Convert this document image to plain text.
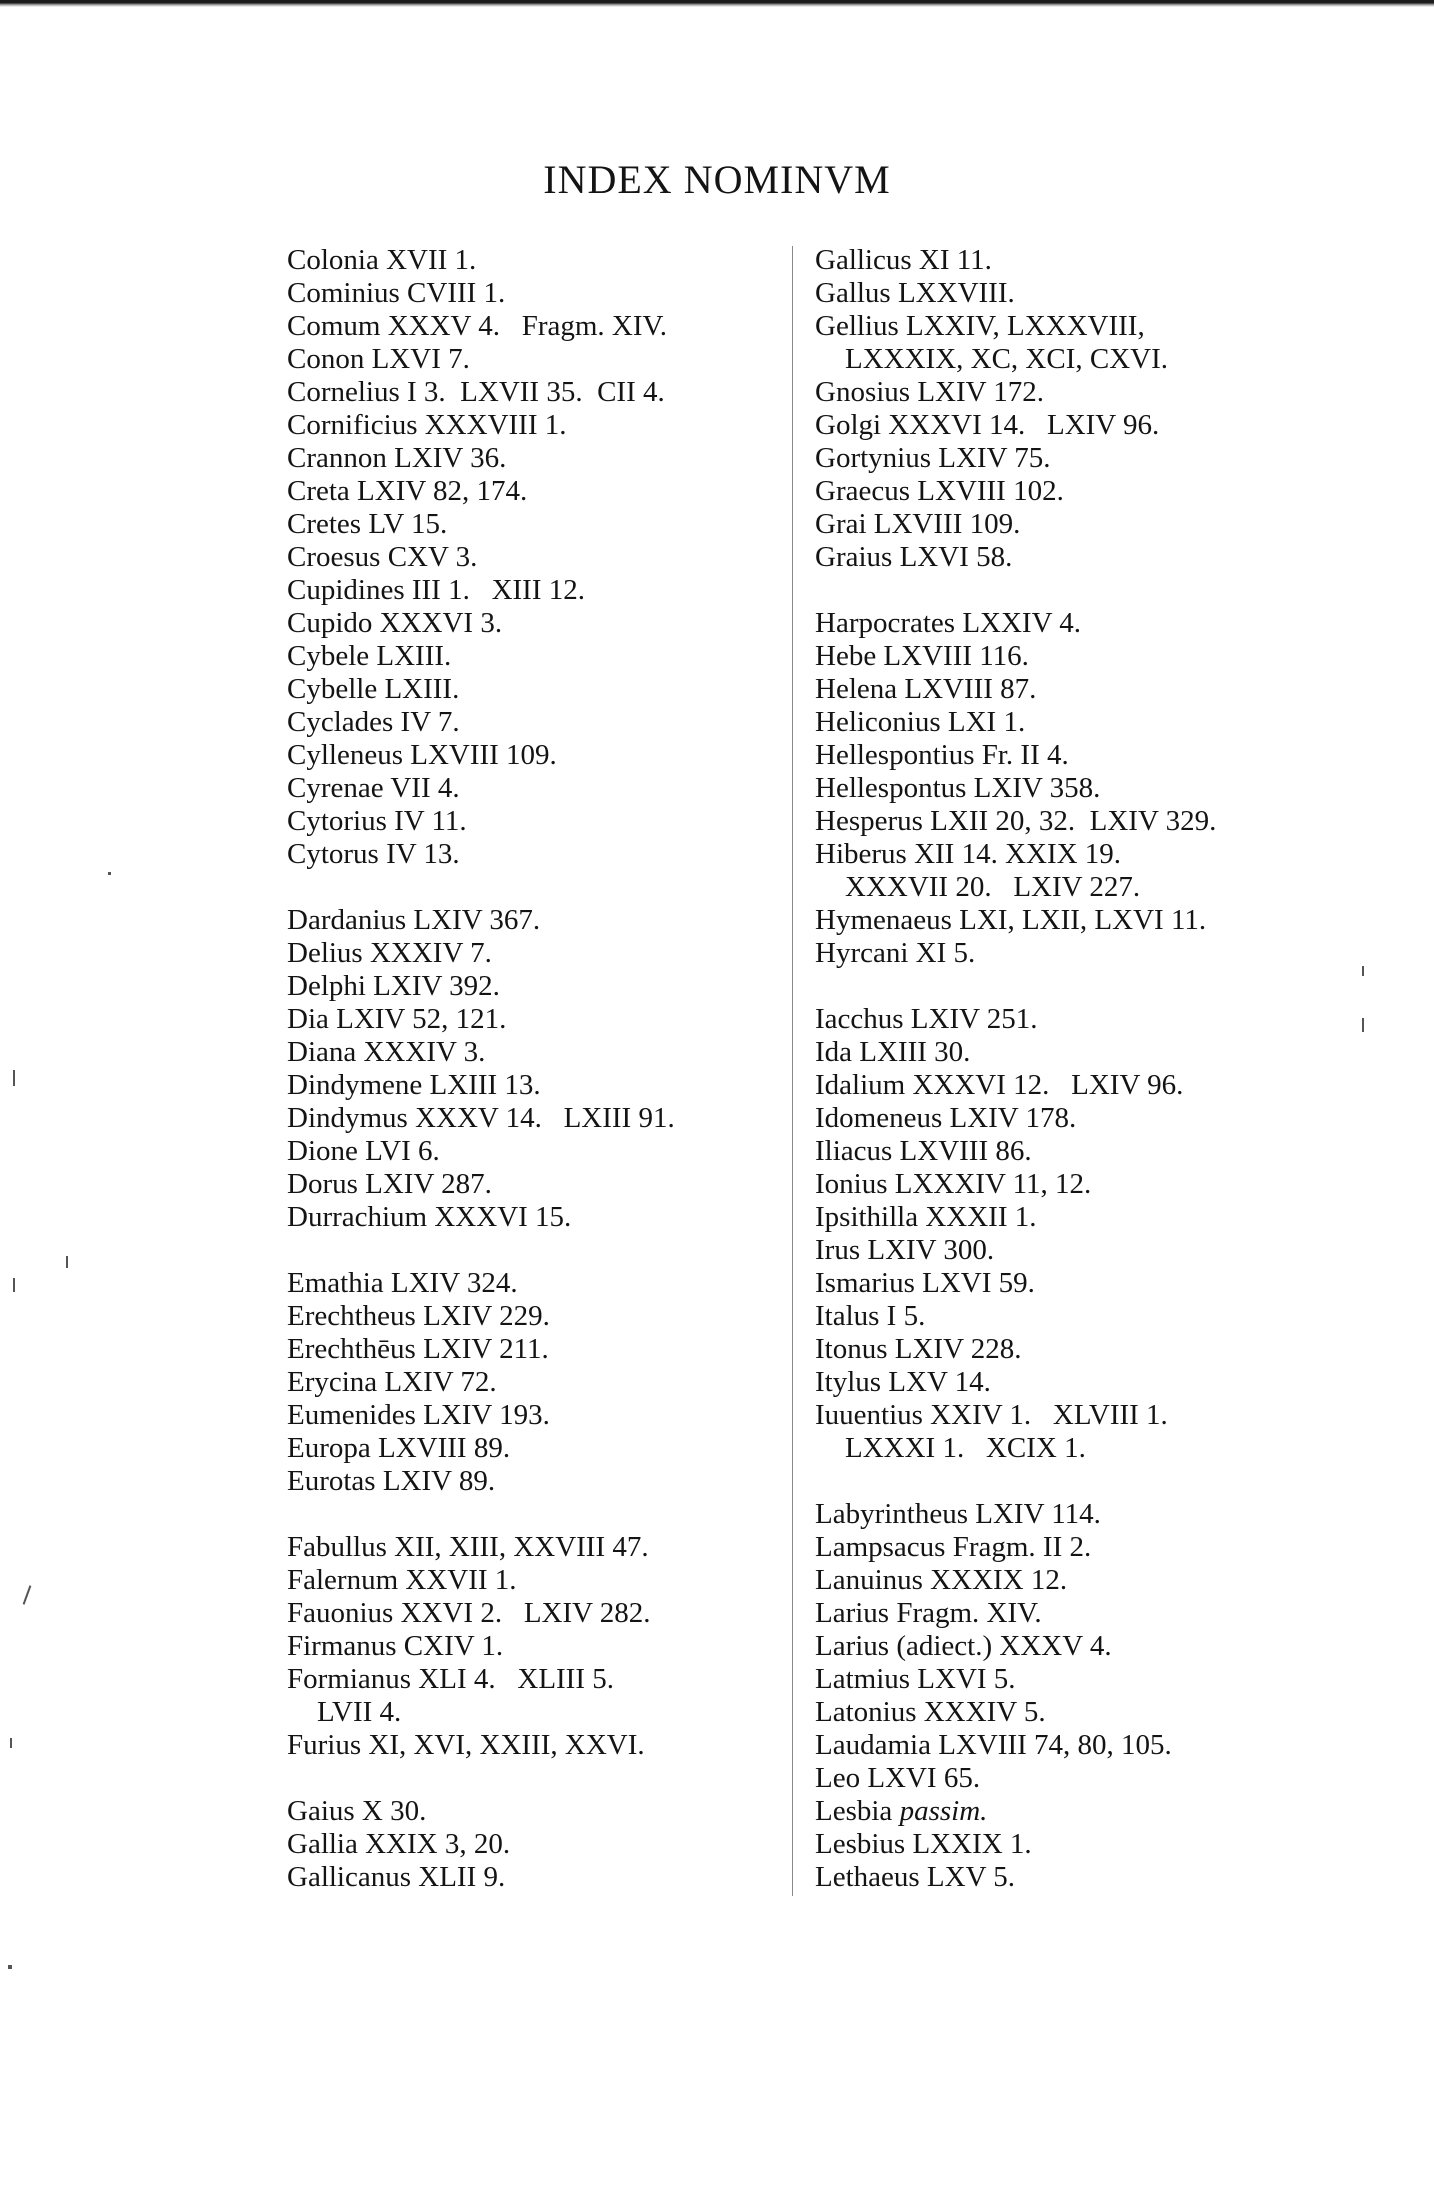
INDEX NOMINVM
Colonia XVII 1.
Cominius CVIII 1.
Comum XXXV 4.   Fragm. XIV.
Conon LXVI 7.
Cornelius I 3.  LXVII 35.  CII 4.
Cornificius XXXVIII 1.
Crannon LXIV 36.
Creta LXIV 82, 174.
Cretes LV 15.
Croesus CXV 3.
Cupidines III 1.   XIII 12.
Cupido XXXVI 3.
Cybele LXIII.
Cybelle LXIII.
Cyclades IV 7.
Cylleneus LXVIII 109.
Cyrenae VII 4.
Cytorius IV 11.
Cytorus IV 13.
Dardanius LXIV 367.
Delius XXXIV 7.
Delphi LXIV 392.
Dia LXIV 52, 121.
Diana XXXIV 3.
Dindymene LXIII 13.
Dindymus XXXV 14.   LXIII 91.
Dione LVI 6.
Dorus LXIV 287.
Durrachium XXXVI 15.
Emathia LXIV 324.
Erechtheus LXIV 229.
Erechthēus LXIV 211.
Erycina LXIV 72.
Eumenides LXIV 193.
Europa LXVIII 89.
Eurotas LXIV 89.
Fabullus XII, XIII, XXVIII 47.
Falernum XXVII 1.
Fauonius XXVI 2.   LXIV 282.
Firmanus CXIV 1.
Formianus XLI 4.   XLIII 5.
LVII 4.
Furius XI, XVI, XXIII, XXVI.
Gaius X 30.
Gallia XXIX 3, 20.
Gallicanus XLII 9.
Gallicus XI 11.
Gallus LXXVIII.
Gellius LXXIV, LXXXVIII,
LXXXIX, XC, XCI, CXVI.
Gnosius LXIV 172.
Golgi XXXVI 14.   LXIV 96.
Gortynius LXIV 75.
Graecus LXVIII 102.
Grai LXVIII 109.
Graius LXVI 58.
Harpocrates LXXIV 4.
Hebe LXVIII 116.
Helena LXVIII 87.
Heliconius LXI 1.
Hellespontius Fr. II 4.
Hellespontus LXIV 358.
Hesperus LXII 20, 32.  LXIV 329.
Hiberus XII 14. XXIX 19.
XXXVII 20.   LXIV 227.
Hymenaeus LXI, LXII, LXVI 11.
Hyrcani XI 5.
Iacchus LXIV 251.
Ida LXIII 30.
Idalium XXXVI 12.   LXIV 96.
Idomeneus LXIV 178.
Iliacus LXVIII 86.
Ionius LXXXIV 11, 12.
Ipsithilla XXXII 1.
Irus LXIV 300.
Ismarius LXVI 59.
Italus I 5.
Itonus LXIV 228.
Itylus LXV 14.
Iuuentius XXIV 1.   XLVIII 1.
LXXXI 1.   XCIX 1.
Labyrintheus LXIV 114.
Lampsacus Fragm. II 2.
Lanuinus XXXIX 12.
Larius Fragm. XIV.
Larius (adiect.) XXXV 4.
Latmius LXVI 5.
Latonius XXXIV 5.
Laudamia LXVIII 74, 80, 105.
Leo LXVI 65.
Lesbia passim.
Lesbius LXXIX 1.
Lethaeus LXV 5.
